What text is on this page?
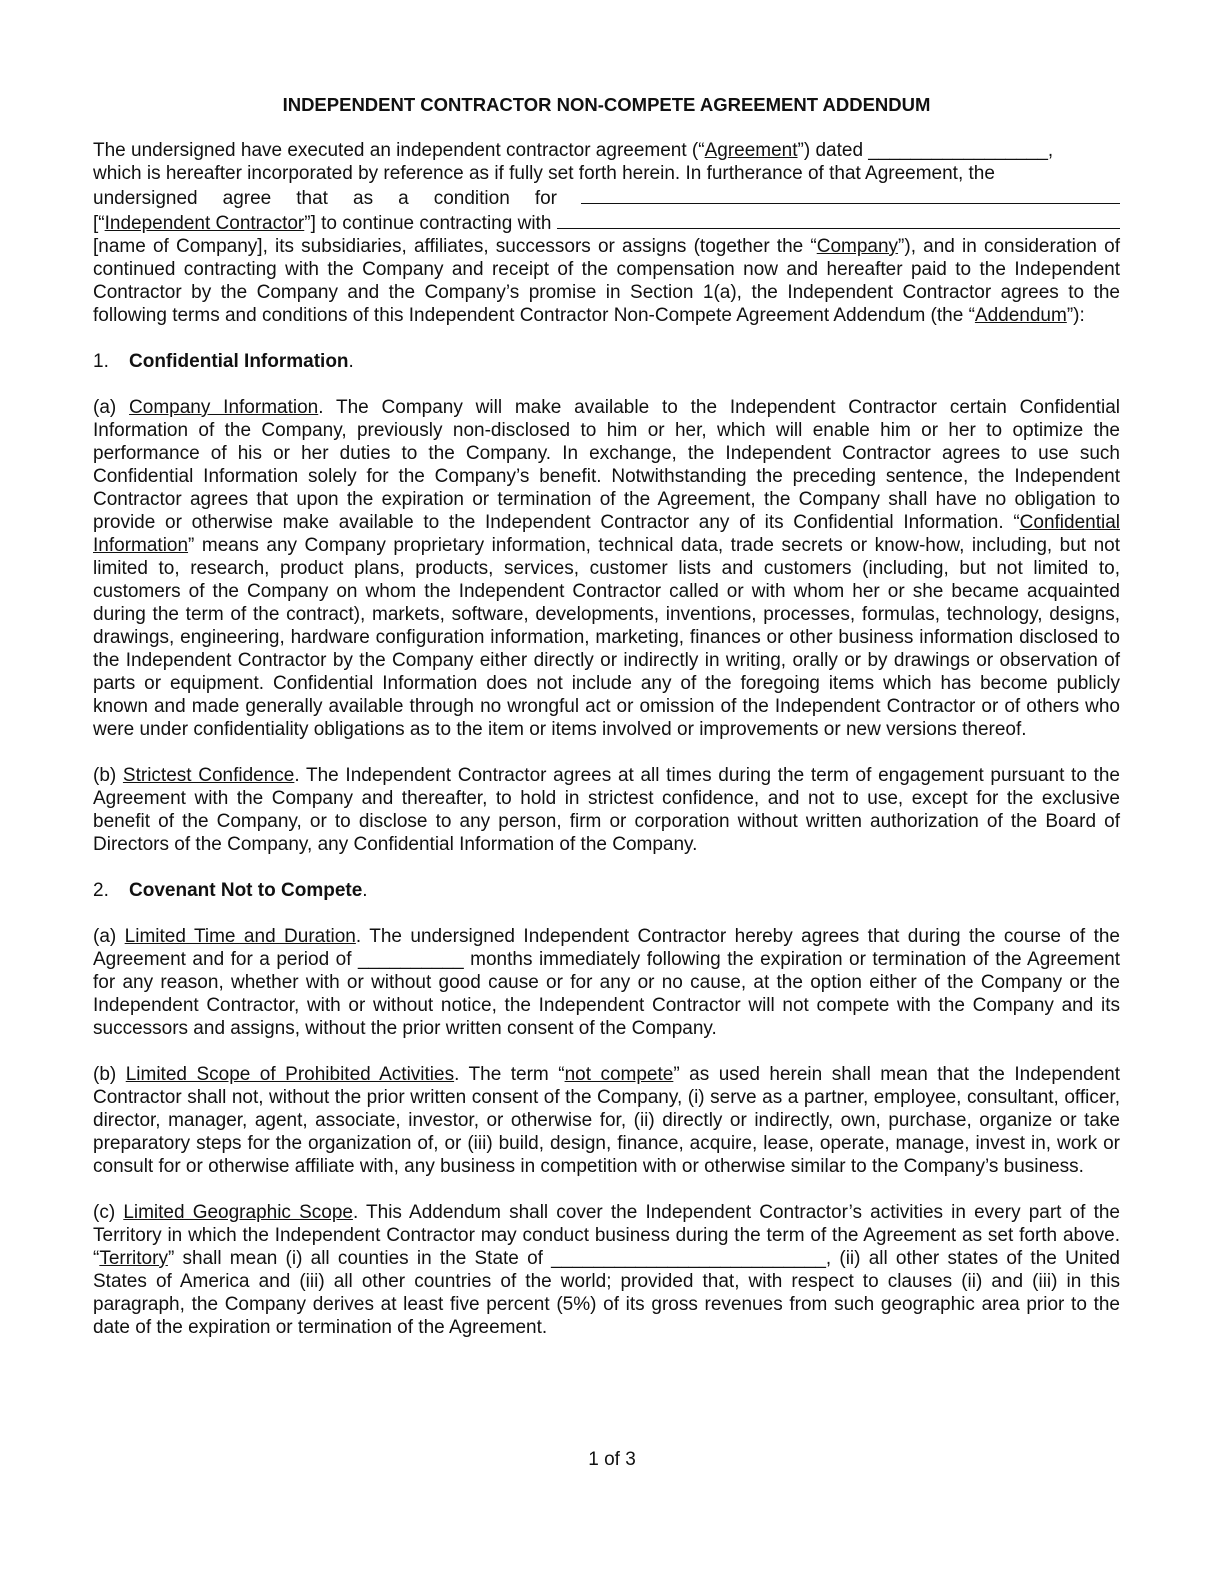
INDEPENDENT CONTRACTOR NON-COMPETE AGREEMENT ADDENDUM
The undersigned have executed an independent contractor agreement (“ Agreement ”) dated _________________,
which is hereafter incorporated by reference as if fully set forth herein. In furtherance of that Agreement, the
undersigned agree that as a condition for
[“ Independent Contractor ”] to continue contracting with
[name of Company], its subsidiaries, affiliates, successors or assigns (together the “Company”), and in consideration of continued contracting with the Company and receipt of the compensation now and hereafter paid to the Independent Contractor by the Company and the Company’s promise in Section 1(a), the Independent Contractor agrees to the following terms and conditions of this Independent Contractor Non-Compete Agreement Addendum (the “Addendum”):
1. Confidential Information.

(a) Company Information. The Company will make available to the Independent Contractor certain Confidential Information of the Company, previously non-disclosed to him or her, which will enable him or her to optimize the performance of his or her duties to the Company. In exchange, the Independent Contractor agrees to use such Confidential Information solely for the Company’s benefit. Notwithstanding the preceding sentence, the Independent Contractor agrees that upon the expiration or termination of the Agreement, the Company shall have no obligation to provide or otherwise make available to the Independent Contractor any of its Confidential Information. “Confidential Information” means any Company proprietary information, technical data, trade secrets or know-how, including, but not limited to, research, product plans, products, services, customer lists and customers (including, but not limited to, customers of the Company on whom the Independent Contractor called or with whom her or she became acquainted during the term of the contract), markets, software, developments, inventions, processes, formulas, technology, designs, drawings, engineering, hardware configuration information, marketing, finances or other business information disclosed to the Independent Contractor by the Company either directly or indirectly in writing, orally or by drawings or observation of parts or equipment. Confidential Information does not include any of the foregoing items which has become publicly known and made generally available through no wrongful act or omission of the Independent Contractor or of others who were under confidentiality obligations as to the item or items involved or improvements or new versions thereof.

(b) Strictest Confidence. The Independent Contractor agrees at all times during the term of engagement pursuant to the Agreement with the Company and thereafter, to hold in strictest confidence, and not to use, except for the exclusive benefit of the Company, or to disclose to any person, firm or corporation without written authorization of the Board of Directors of the Company, any Confidential Information of the Company.

2. Covenant Not to Compete.

(a) Limited Time and Duration. The undersigned Independent Contractor hereby agrees that during the course of the Agreement and for a period of __________ months immediately following the expiration or termination of the Agreement for any reason, whether with or without good cause or for any or no cause, at the option either of the Company or the Independent Contractor, with or without notice, the Independent Contractor will not compete with the Company and its successors and assigns, without the prior written consent of the Company.

(b) Limited Scope of Prohibited Activities. The term “not compete” as used herein shall mean that the Independent Contractor shall not, without the prior written consent of the Company, (i) serve as a partner, employee, consultant, officer, director, manager, agent, associate, investor, or otherwise for, (ii) directly or indirectly, own, purchase, organize or take preparatory steps for the organization of, or (iii) build, design, finance, acquire, lease, operate, manage, invest in, work or consult for or otherwise affiliate with, any business in competition with or otherwise similar to the Company’s business.

(c) Limited Geographic Scope. This Addendum shall cover the Independent Contractor’s activities in every part of the Territory in which the Independent Contractor may conduct business during the term of the Agreement as set forth above. “Territory” shall mean (i) all counties in the State of __________________________, (ii) all other states of the United States of America and (iii) all other countries of the world; provided that, with respect to clauses (ii) and (iii) in this paragraph, the Company derives at least five percent (5%) of its gross revenues from such geographic area prior to the date of the expiration or termination of the Agreement.

1 of 3
